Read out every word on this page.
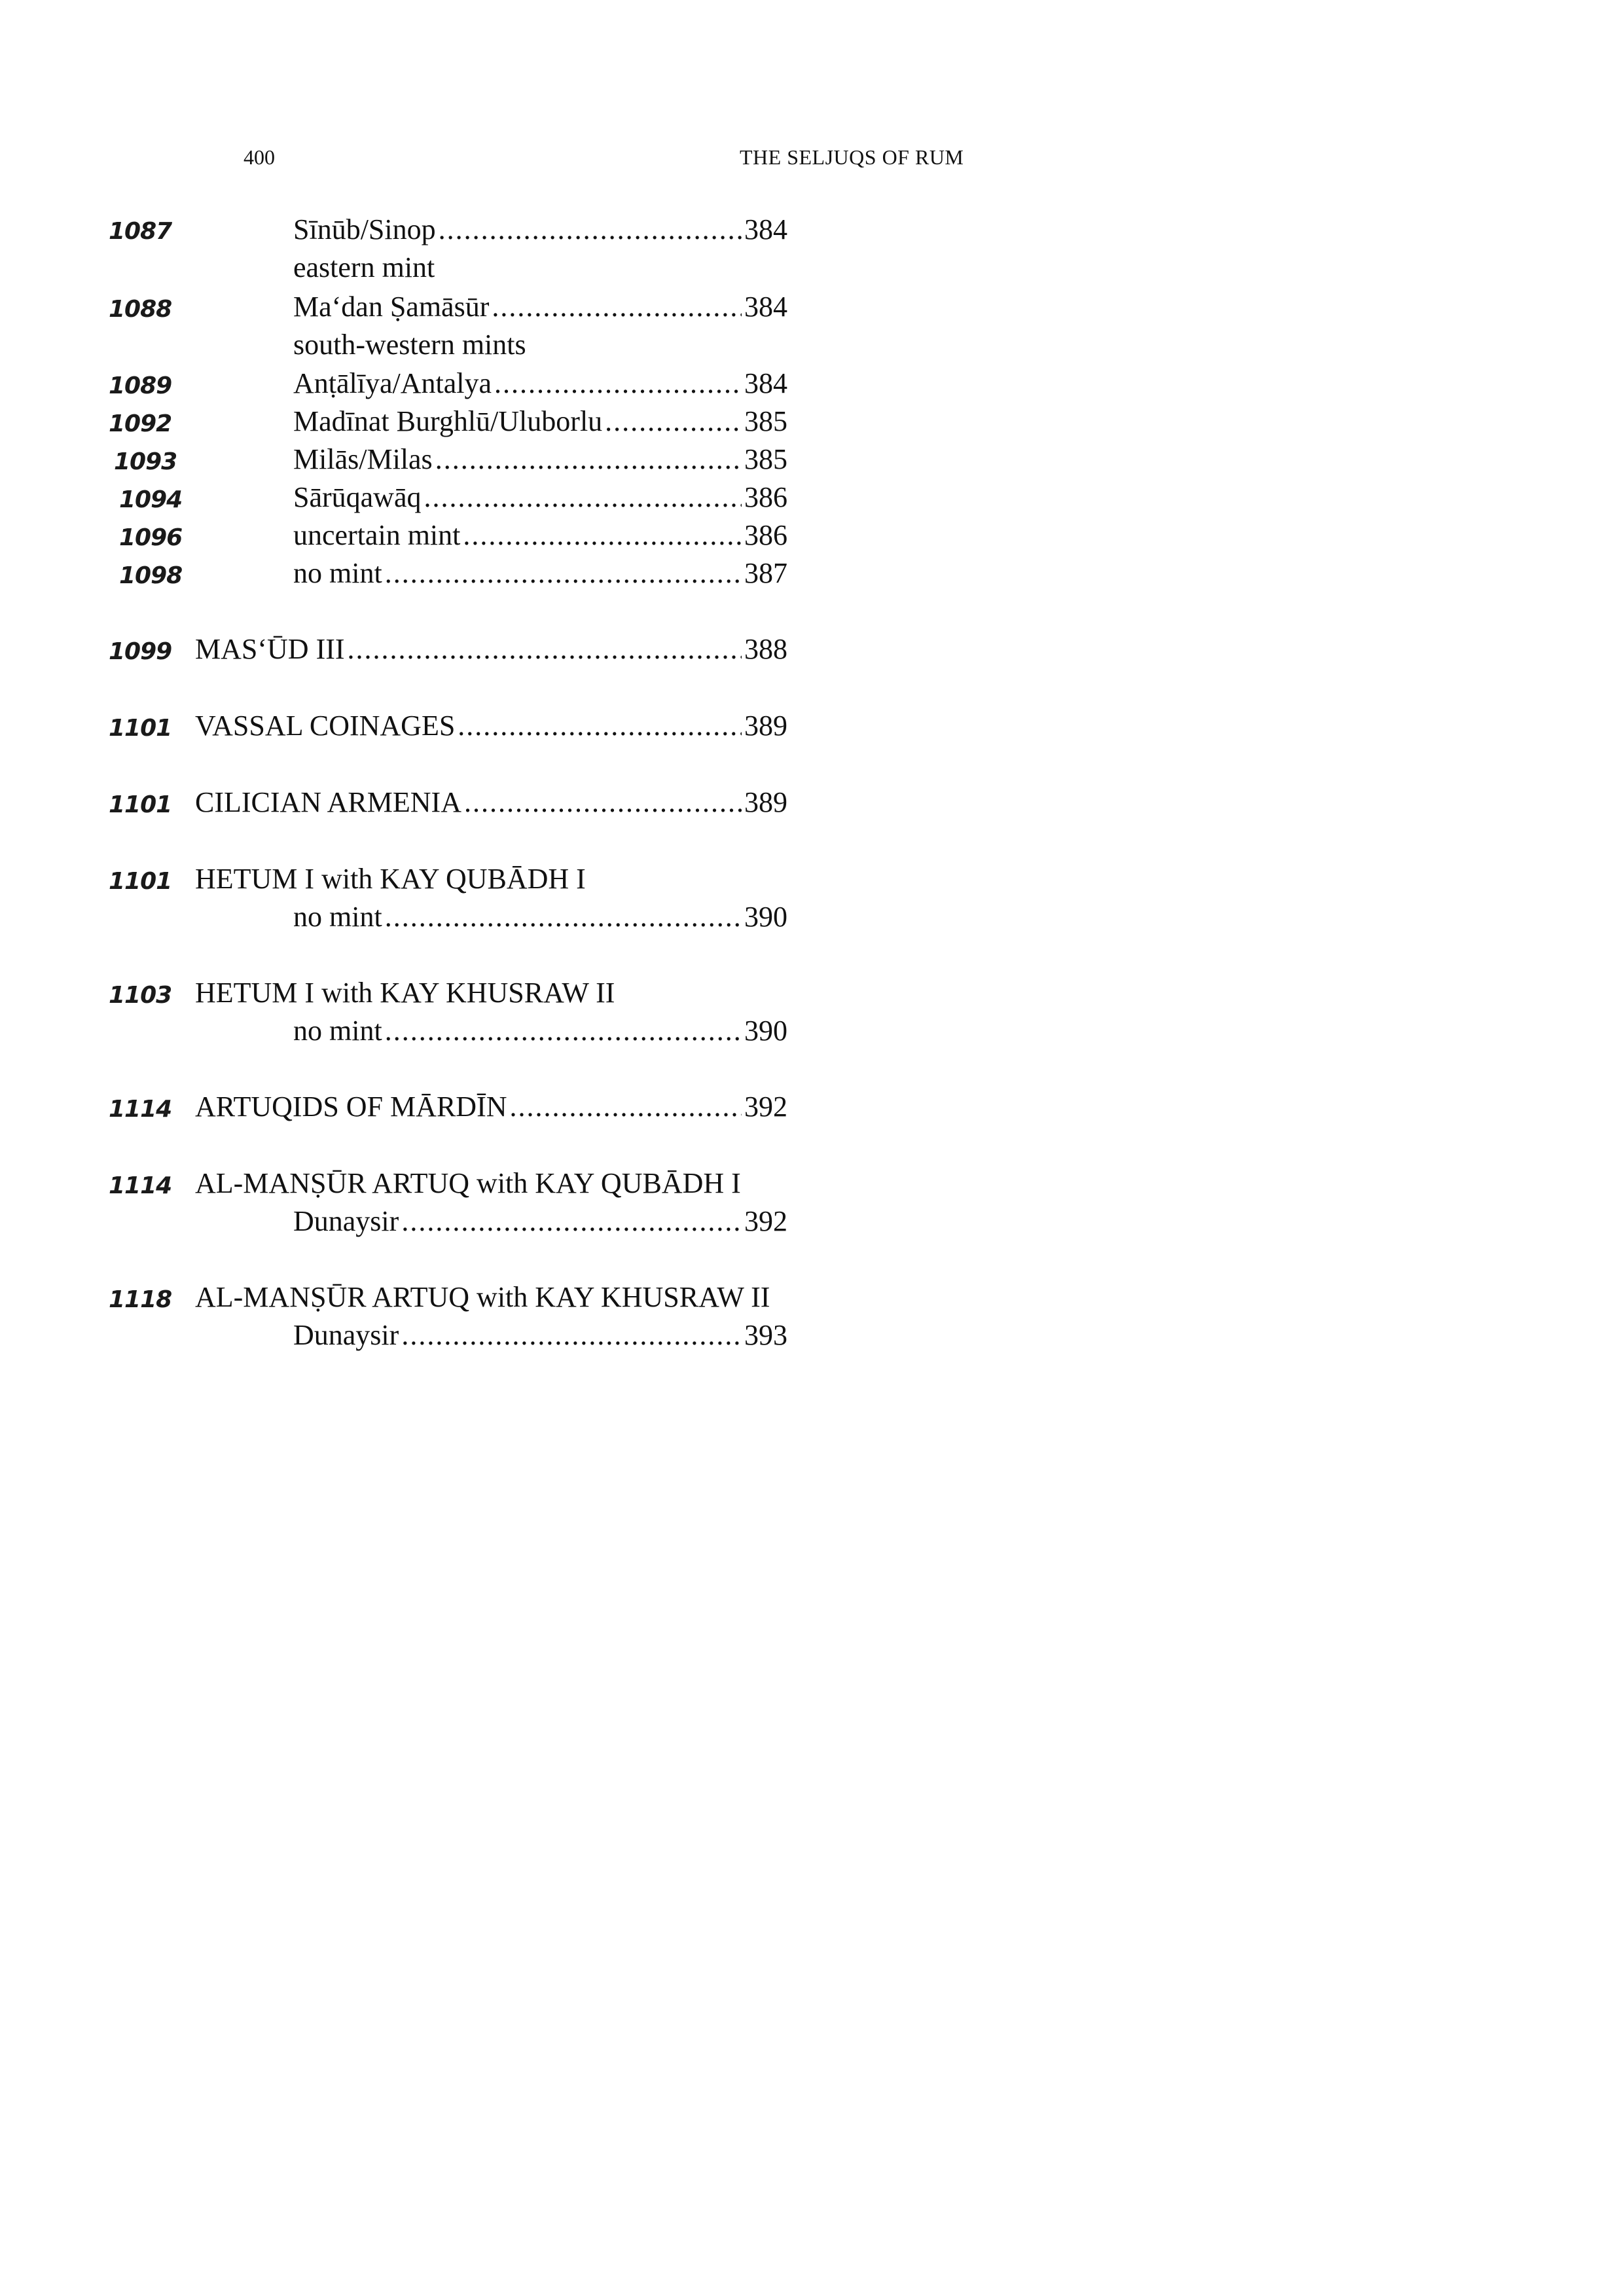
400	THE SELJUQS OF RUM
1087	Sīnūb/Sinop .....	384
eastern mint
1088	Ma‘dan Ṣamāsūr .....	384
south-western mints
1089	Anṭālīya/Antalya .....	384
1092	Madīnat Burghlū/Uluborlu .....	385
1093	Milās/Milas .....	385
1094	Sārūqawāq .....	386
1096	uncertain mint .....	386
1098	no mint .....	387
1099 MAS‘ŪD III .....	388
1101 VASSAL COINAGES .....	389
1101 CILICIAN ARMENIA .....	389
1101 HETUM I with KAY QUBĀDH I
no mint .....	390
1103 HETUM I with KAY KHUSRAW II
no mint .....	390
1114 ARTUQIDS OF MĀRDĪN .....	392
1114 AL-MANṢŪR ARTUQ with KAY QUBĀDH I
Dunaysir .....	392
1118 AL-MANṢŪR ARTUQ with KAY KHUSRAW II
Dunaysir .....	393
